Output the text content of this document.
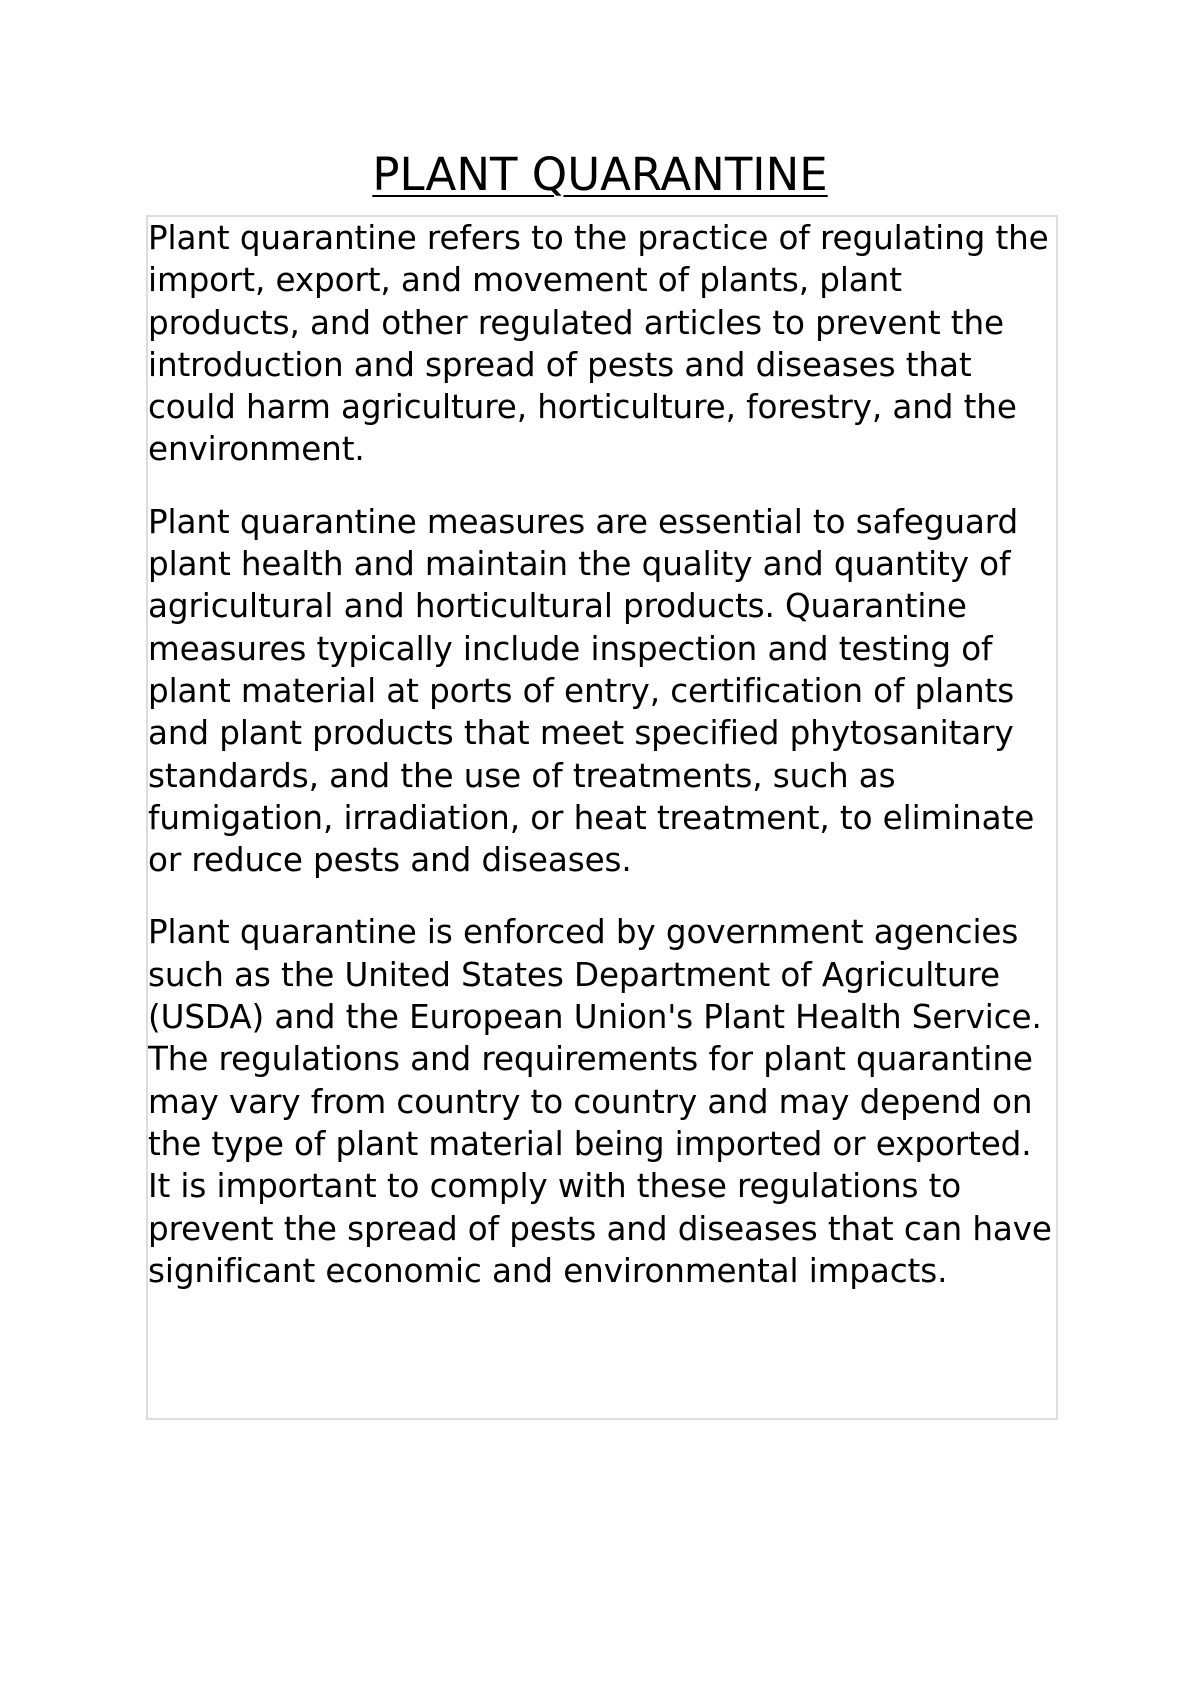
PLANT QUARANTINE

Plant quarantine refers to the practice of regulating the import, export, and movement of plants, plant products, and other regulated articles to prevent the introduction and spread of pests and diseases that could harm agriculture, horticulture, forestry, and the environment.

Plant quarantine measures are essential to safeguard plant health and maintain the quality and quantity of agricultural and horticultural products. Quarantine measures typically include inspection and testing of plant material at ports of entry, certification of plants and plant products that meet specified phytosanitary standards, and the use of treatments, such as fumigation, irradiation, or heat treatment, to eliminate or reduce pests and diseases.

Plant quarantine is enforced by government agencies such as the United States Department of Agriculture (USDA) and the European Union's Plant Health Service. The regulations and requirements for plant quarantine may vary from country to country and may depend on the type of plant material being imported or exported. It is important to comply with these regulations to prevent the spread of pests and diseases that can have significant economic and environmental impacts.
